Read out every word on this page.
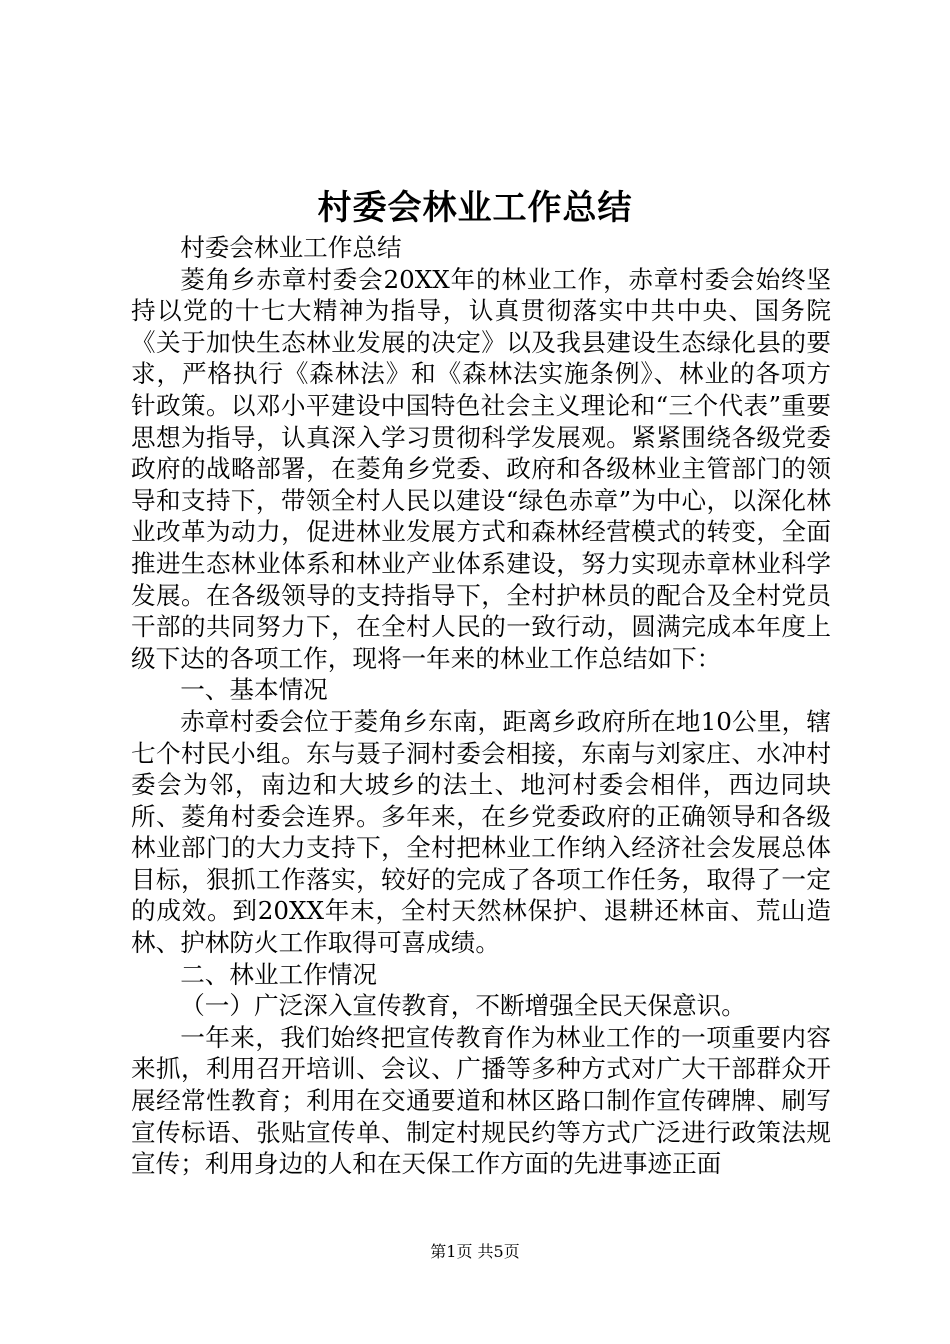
村委会林业工作总结

村委会林业工作总结

菱角乡赤章村委会20XX年的林业工作，赤章村委会始终坚持以党的十七大精神为指导，认真贯彻落实中共中央、国务院《关于加快生态林业发展的决定》以及我县建设生态绿化县的要求，严格执行《森林法》和《森林法实施条例》、林业的各项方针政策。以邓小平建设中国特色社会主义理论和“三个代表”重要思想为指导，认真深入学习贯彻科学发展观。紧紧围绕各级党委政府的战略部署，在菱角乡党委、政府和各级林业主管部门的领导和支持下，带领全村人民以建设“绿色赤章”为中心，以深化林业改革为动力，促进林业发展方式和森林经营模式的转变，全面推进生态林业体系和林业产业体系建设，努力实现赤章林业科学发展。在各级领导的支持指导下，全村护林员的配合及全村党员干部的共同努力下，在全村人民的一致行动，圆满完成本年度上级下达的各项工作，现将一年来的林业工作总结如下：

一、基本情况

赤章村委会位于菱角乡东南，距离乡政府所在地10公里，辖七个村民小组。东与聂子洞村委会相接，东南与刘家庄、水冲村委会为邻，南边和大坡乡的法土、地河村委会相伴，西边同块所、菱角村委会连界。多年来，在乡党委政府的正确领导和各级林业部门的大力支持下，全村把林业工作纳入经济社会发展总体目标，狠抓工作落实，较好的完成了各项工作任务，取得了一定的成效。到20XX年末，全村天然林保护、退耕还林亩、荒山造林、护林防火工作取得可喜成绩。

二、林业工作情况

（一）广泛深入宣传教育，不断增强全民天保意识。

一年来，我们始终把宣传教育作为林业工作的一项重要内容来抓，利用召开培训、会议、广播等多种方式对广大干部群众开展经常性教育；利用在交通要道和林区路口制作宣传碑牌、刷写宣传标语、张贴宣传单、制定村规民约等方式广泛进行政策法规宣传；利用身边的人和在天保工作方面的先进事迹正面

第1页 共5页
